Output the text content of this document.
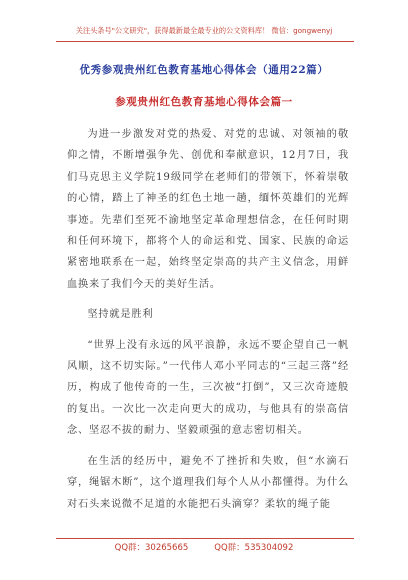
关注头条号"公文研究"，获得最新最全最专业的公文资料库！ 微信：gongwenyj
优秀参观贵州红色教育基地心得体会（通用22篇）
参观贵州红色教育基地心得体会篇一

为进一步激发对党的热爱、对党的忠诚、对领袖的敬仰之情，不断增强争先、创优和奉献意识，12月7日，我们马克思主义学院19级同学在老师们的带领下，怀着崇敬的心情，踏上了神圣的红色土地一趟，缅怀英雄们的光辉事迹。先辈们至死不渝地坚定革命理想信念，在任何时期和任何环境下，都将个人的命运和党、国家、民族的命运紧密地联系在一起，始终坚定崇高的共产主义信念，用鲜血换来了我们今天的美好生活。

坚持就是胜利

“世界上没有永远的风平浪静，永远不要企望自己一帆风顺，这不切实际。”一代伟人邓小平同志的“三起三落”经历，构成了他传奇的一生，三次被“打倒”，又三次奇迹般的复出。一次比一次走向更大的成功，与他具有的崇高信念、坚忍不拔的耐力、坚毅顽强的意志密切相关。

在生活的经历中，避免不了挫折和失败，但“水滴石穿，绳锯木断”，这个道理我们每个人从小都懂得。为什么对石头来说微不足道的水能把石头滴穿？柔软的绳子能

QQ群：30265665	QQ群：535304092
